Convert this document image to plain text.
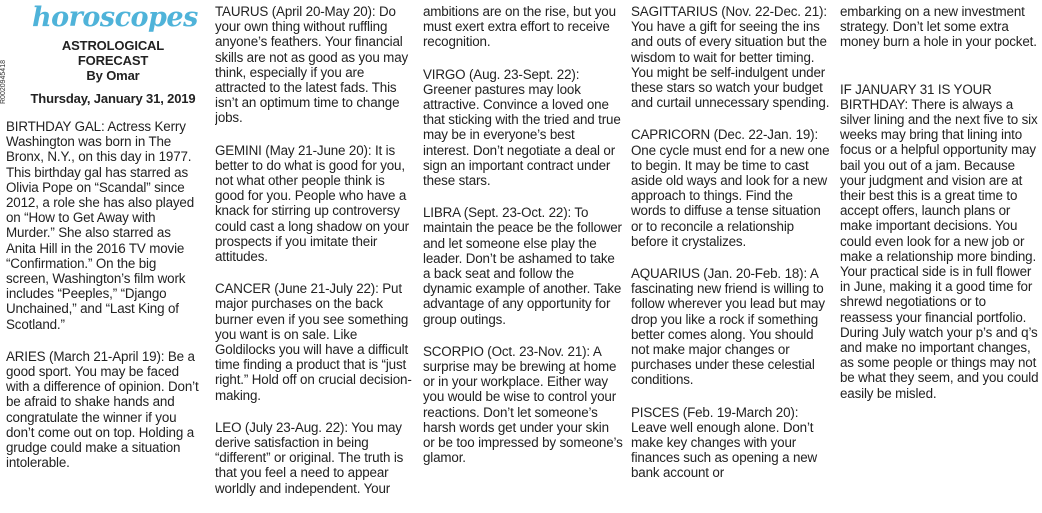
R0020945418
horoscopes
ASTROLOGICAL FORECAST
By Omar
Thursday, January 31, 2019

BIRTHDAY GAL: Actress Kerry Washington was born in The Bronx, N.Y., on this day in 1977. This birthday gal has starred as Olivia Pope on “Scandal” since 2012, a role she has also played on “How to Get Away with Murder.” She also starred as Anita Hill in the 2016 TV movie “Confirmation.” On the big screen, Washington’s film work includes “Peeples,” “Django Unchained,” and “Last King of Scotland.”

ARIES (March 21-April 19): Be a good sport. You may be faced with a difference of opinion. Don’t be afraid to shake hands and congratulate the winner if you don’t come out on top. Holding a grudge could make a situation intolerable.

TAURUS (April 20-May 20): Do your own thing without ruffling anyone’s feathers. Your financial skills are not as good as you may think, especially if you are attracted to the latest fads. This isn’t an optimum time to change jobs.

GEMINI (May 21-June 20): It is better to do what is good for you, not what other people think is good for you. People who have a knack for stirring up controversy could cast a long shadow on your prospects if you imitate their attitudes.

CANCER (June 21-July 22): Put major purchases on the back burner even if you see something you want is on sale. Like Goldilocks you will have a difficult time finding a product that is “just right.” Hold off on crucial decision-making.

LEO (July 23-Aug. 22): You may derive satisfaction in being “different” or original. The truth is that you feel a need to appear worldly and independent. Your

ambitions are on the rise, but you must exert extra effort to receive recognition.

VIRGO (Aug. 23-Sept. 22): Greener pastures may look attractive. Convince a loved one that sticking with the tried and true may be in everyone’s best interest. Don’t negotiate a deal or sign an important contract under these stars.

LIBRA (Sept. 23-Oct. 22): To maintain the peace be the follower and let someone else play the leader. Don’t be ashamed to take a back seat and follow the dynamic example of another. Take advantage of any opportunity for group outings.

SCORPIO (Oct. 23-Nov. 21): A surprise may be brewing at home or in your workplace. Either way you would be wise to control your reactions. Don’t let someone’s harsh words get under your skin or be too impressed by someone’s glamor.

SAGITTARIUS (Nov. 22-Dec. 21): You have a gift for seeing the ins and outs of every situation but the wisdom to wait for better timing. You might be self-indulgent under these stars so watch your budget and curtail unnecessary spending.

CAPRICORN (Dec. 22-Jan. 19): One cycle must end for a new one to begin. It may be time to cast aside old ways and look for a new approach to things. Find the words to diffuse a tense situation or to reconcile a relationship before it crystalizes.

AQUARIUS (Jan. 20-Feb. 18): A fascinating new friend is willing to follow wherever you lead but may drop you like a rock if something better comes along. You should not make major changes or purchases under these celestial conditions.

PISCES (Feb. 19-March 20): Leave well enough alone. Don’t make key changes with your finances such as opening a new bank account or

embarking on a new investment strategy. Don’t let some extra money burn a hole in your pocket.

IF JANUARY 31 IS YOUR BIRTHDAY: There is always a silver lining and the next five to six weeks may bring that lining into focus or a helpful opportunity may bail you out of a jam. Because your judgment and vision are at their best this is a great time to accept offers, launch plans or make important decisions. You could even look for a new job or make a relationship more binding. Your practical side is in full flower in June, making it a good time for shrewd negotiations or to reassess your financial portfolio. During July watch your p’s and q’s and make no important changes, as some people or things may not be what they seem, and you could easily be misled.
